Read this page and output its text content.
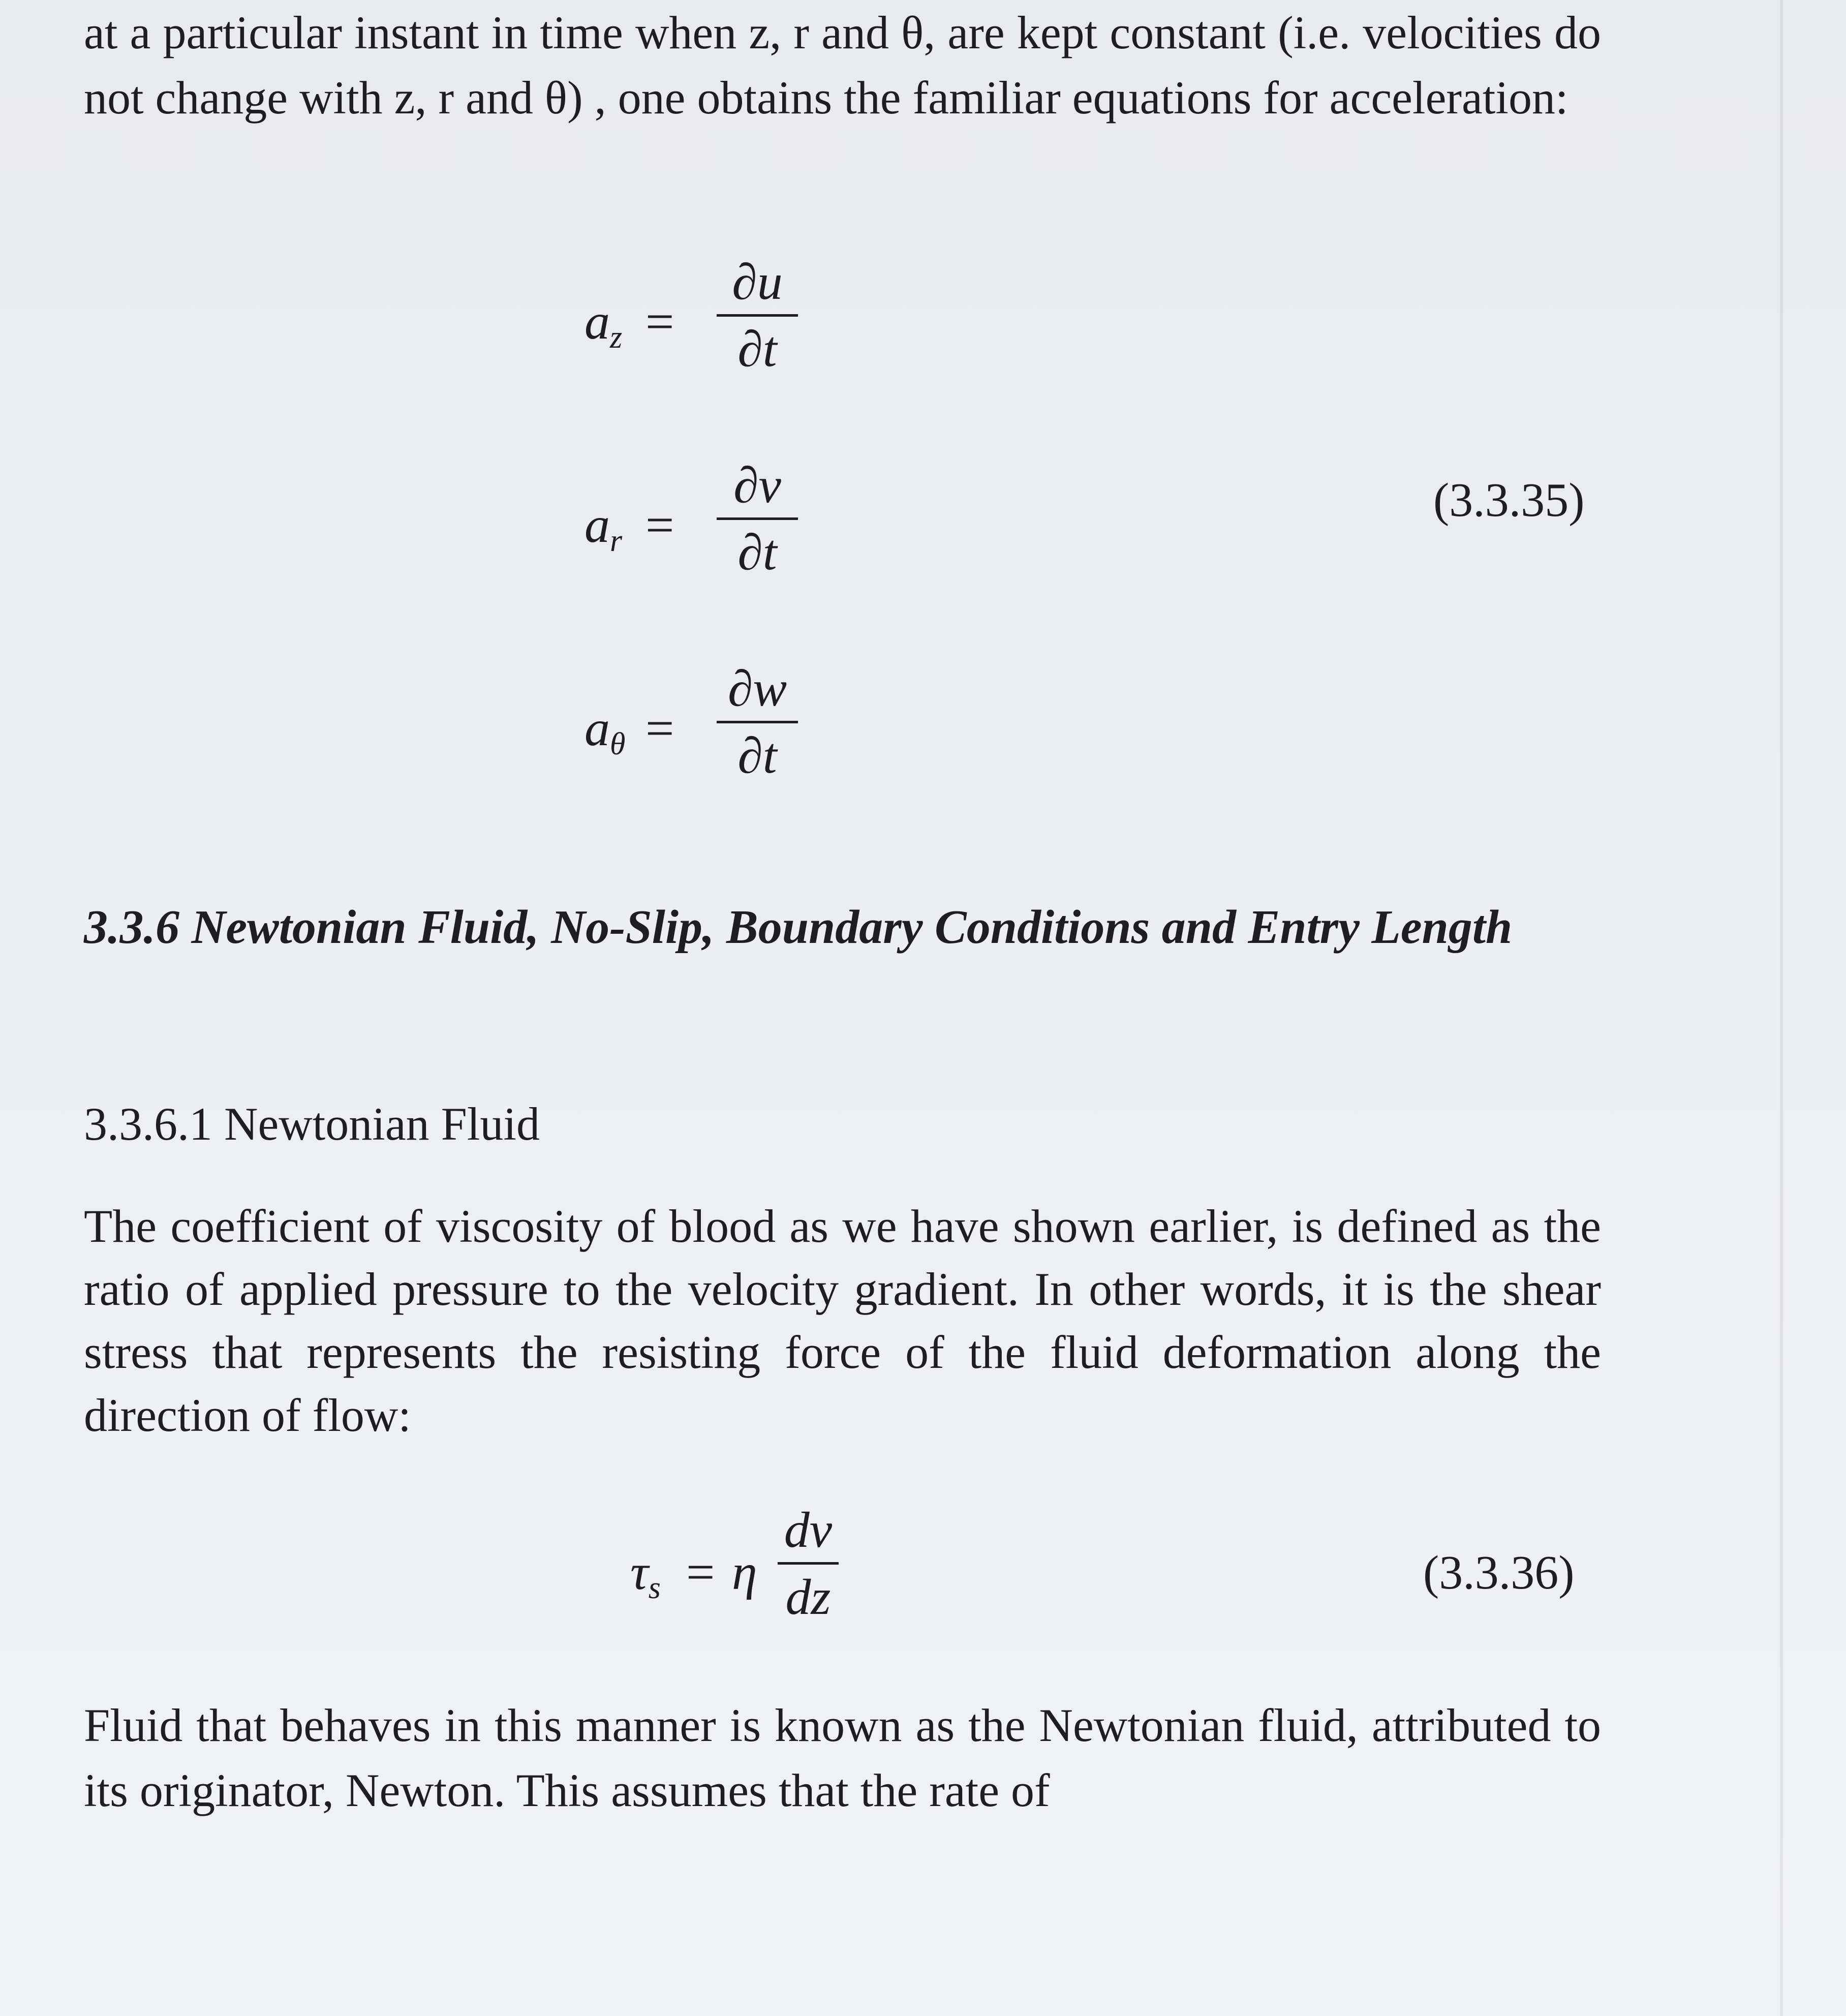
at a particular instant in time when z, r and θ, are kept constant (i.e. velocities do not change with z, r and θ) , one obtains the familiar equations for acceleration:

$a_z$ =
∂u
∂t
$a_r$ =
∂v
∂t
(3.3.35)
$a_\theta$ =
∂w
∂t
3.3.6 Newtonian Fluid, No-Slip, Boundary Conditions and Entry Length
3.3.6.1 Newtonian Fluid

The coefficient of viscosity of blood as we have shown earlier, is defined as the ratio of applied pressure to the velocity gradient. In other words, it is the shear stress that represents the resisting force of the fluid deformation along the direction of flow:

$\tau_s = \eta$
dv
dz	(3.3.36)

Fluid that behaves in this manner is known as the Newtonian fluid, attributed to its originator, Newton. This assumes that the rate of
